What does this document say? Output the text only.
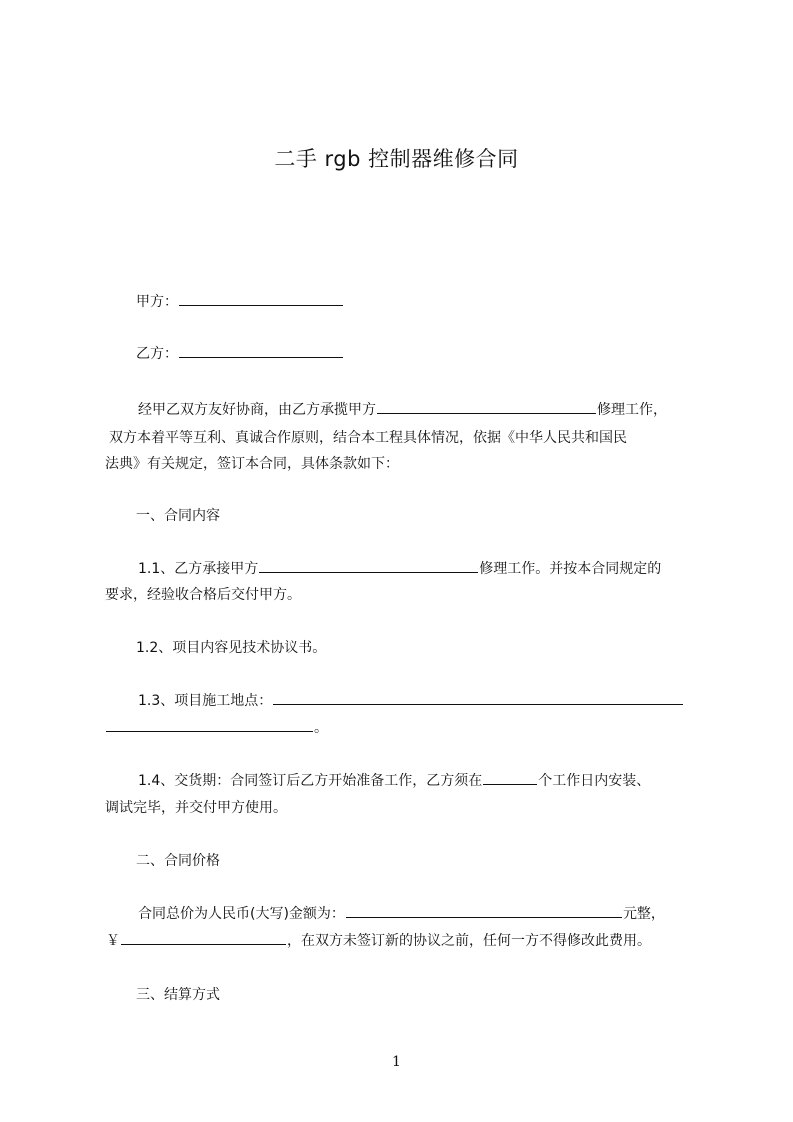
二手 rgb 控制器维修合同
甲方：
乙方：
经甲乙双方友好协商，由乙方承揽甲方	修理工作，
双方本着平等互利、真诚合作原则，结合本工程具体情况，依据《中华人民共和国民
法典》有关规定，签订本合同，具体条款如下：
一、合同内容
1.1、乙方承接甲方	修理工作。并按本合同规定的
要求，经验收合格后交付甲方。
1.2、项目内容见技术协议书。
1.3、项目施工地点：
。
1.4、交货期：合同签订后乙方开始准备工作，乙方须在	个工作日内安装、
调试完毕，并交付甲方使用。
二、合同价格
合同总价为人民币(大写)金额为：	元整，
￥	，在双方未签订新的协议之前，任何一方不得修改此费用。
三、结算方式
1
